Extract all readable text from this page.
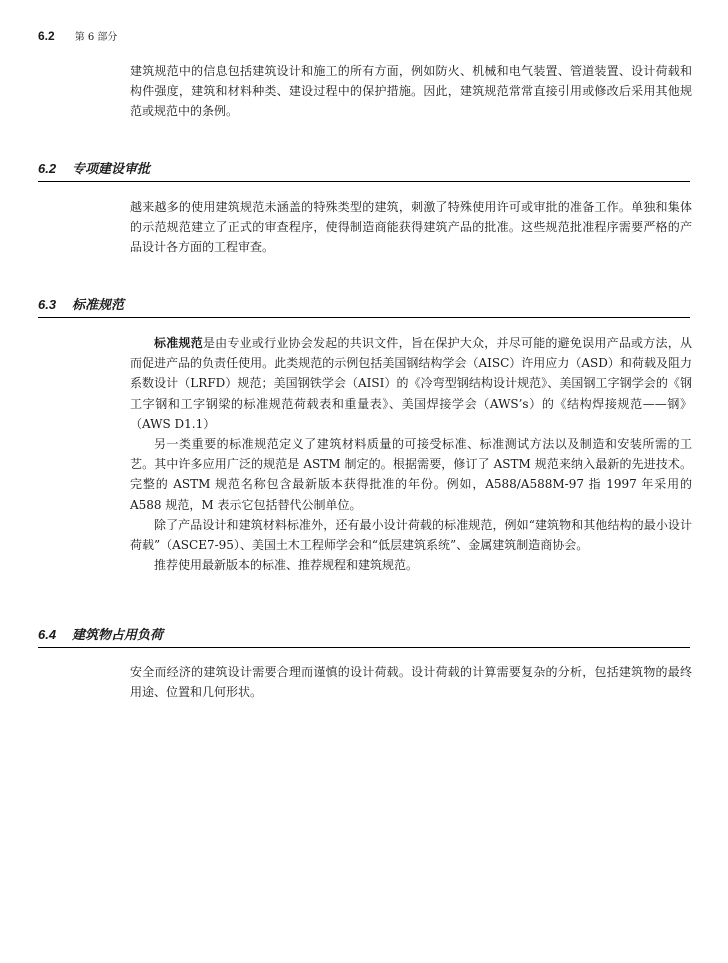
6.2 第 6 部分

建筑规范中的信息包括建筑设计和施工的所有方面，例如防火、机械和电气装置、管道装置、设计荷载和构件强度，建筑和材料种类、建设过程中的保护措施。因此，建筑规范常常直接引用或修改后采用其他规范或规范中的条例。

6.2 专项建设审批

越来越多的使用建筑规范未涵盖的特殊类型的建筑，刺激了特殊使用许可或审批的准备工作。单独和集体的示范规范建立了正式的审查程序，使得制造商能获得建筑产品的批准。这些规范批准程序需要严格的产品设计各方面的工程审查。

6.3 标准规范

标准规范是由专业或行业协会发起的共识文件，旨在保护大众，并尽可能的避免误用产品或方法，从而促进产品的负责任使用。此类规范的示例包括美国钢结构学会（AISC）许用应力（ASD）和荷载及阻力系数设计（LRFD）规范；美国钢铁学会（AISI）的《冷弯型钢结构设计规范》、美国钢工字钢学会的《钢工字钢和工字钢梁的标准规范荷载表和重量表》、美国焊接学会（AWS’s）的《结构焊接规范——钢》（AWS D1.1）

另一类重要的标准规范定义了建筑材料质量的可接受标准、标准测试方法以及制造和安装所需的工艺。其中许多应用广泛的规范是 ASTM 制定的。根据需要，修订了 ASTM 规范来纳入最新的先进技术。完整的 ASTM 规范名称包含最新版本获得批准的年份。例如，A588/A588M-97 指 1997 年采用的 A588 规范，M 表示它包括替代公制单位。

除了产品设计和建筑材料标准外，还有最小设计荷载的标准规范，例如“建筑物和其他结构的最小设计荷载”（ASCE7-95）、美国土木工程师学会和“低层建筑系统”、金属建筑制造商协会。

推荐使用最新版本的标准、推荐规程和建筑规范。

6.4 建筑物占用负荷

安全而经济的建筑设计需要合理而谨慎的设计荷载。设计荷载的计算需要复杂的分析，包括建筑物的最终用途、位置和几何形状。
